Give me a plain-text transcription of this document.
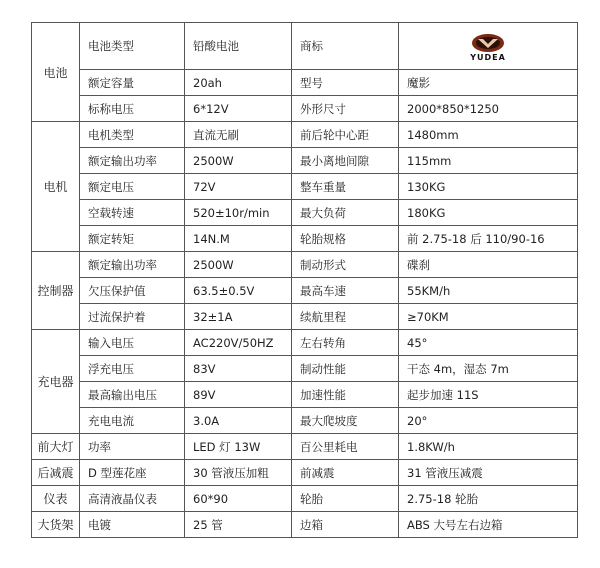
电池	电池类型	铅酸电池	商标	YUDEA

	额定容量	20ah	型号	魔影
	标称电压	6*12V	外形尺寸	2000*850*1250
电机	电机类型	直流无刷	前后轮中心距	1480mm
	额定输出功率	2500W	最小离地间隙	115mm
	额定电压	72V	整车重量	130KG
	空载转速	520±10r/min	最大负荷	180KG
	额定转矩	14N.M	轮胎规格	前 2.75-18 后 110/90-16
控制器	额定输出功率	2500W	制动形式	碟刹
	欠压保护值	63.5±0.5V	最高车速	55KM/h
	过流保护着	32±1A	续航里程	≥70KM
充电器	输入电压	AC220V/50HZ	左右转角	45°
	浮充电压	83V	制动性能	干态 4m，湿态 7m
	最高输出电压	89V	加速性能	起步加速 11S
	充电电流	3.0A	最大爬坡度	20°
前大灯	功率	LED 灯 13W	百公里耗电	1.8KW/h
后减震	D 型莲花座	30 管液压加粗	前减震	31 管液压减震
仪表	高清液晶仪表	60*90	轮胎	2.75-18 轮胎
大货架	电镀	25 管	边箱	ABS 大号左右边箱
